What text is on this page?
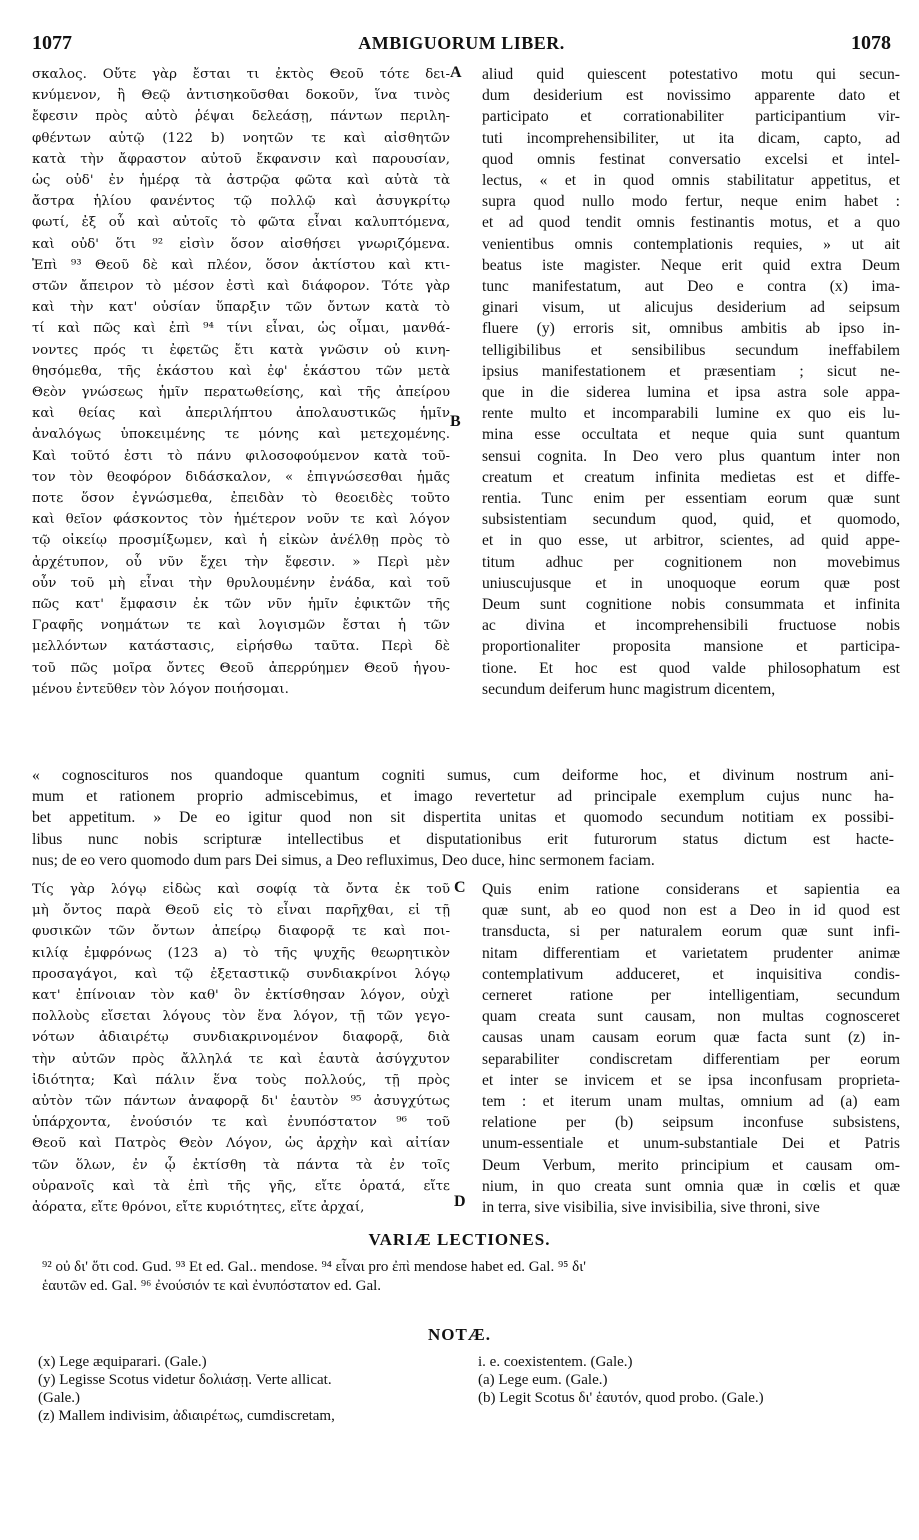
1077	AMBIGUORUM LIBER.	1078

σκαλος. Οὔτε γὰρ ἔσται τι ἐκτὸς Θεοῦ τότε δει-

κνύμενον, ἢ Θεῷ ἀντισηκοῦσθαι δοκοῦν, ἵνα τινὸς

ἔφεσιν πρὸς αὐτὸ ῥέψαι δελεάσῃ, πάντων περιλη-

φθέντων αὐτῷ (122 b) νοητῶν τε καὶ αἰσθητῶν

κατὰ τὴν ἄφραστον αὐτοῦ ἔκφανσιν καὶ παρουσίαν,

ὡς οὐδ' ἐν ἡμέρᾳ τὰ ἀστρῷα φῶτα καὶ αὐτὰ τὰ

ἄστρα ἡλίου φανέντος τῷ πολλῷ καὶ ἀσυγκρίτῳ

φωτί, ἐξ οὗ καὶ αὐτοῖς τὸ φῶτα εἶναι καλυπτόμενα,

καὶ οὐδ' ὅτι ⁹² εἰσὶν ὅσον αἰσθήσει γνωριζόμενα.

Ἐπὶ ⁹³ Θεοῦ δὲ καὶ πλέον, ὅσον ἀκτίστου καὶ κτι-

στῶν ἄπειρον τὸ μέσον ἐστὶ καὶ διάφορον. Τότε γὰρ

καὶ τὴν κατ' οὐσίαν ὕπαρξιν τῶν ὄντων κατὰ τὸ

τί καὶ πῶς καὶ ἐπὶ ⁹⁴ τίνι εἶναι, ὡς οἶμαι, μανθά-

νοντες πρός τι ἐφετῶς ἔτι κατὰ γνῶσιν οὐ κινη-

θησόμεθα, τῆς ἑκάστου καὶ ἐφ' ἑκάστου τῶν μετὰ

Θεὸν γνώσεως ἡμῖν περατωθείσης, καὶ τῆς ἀπείρου

καὶ θείας καὶ ἀπεριλήπτου ἀπολαυστικῶς ἡμῖν

ἀναλόγως ὑποκειμένης τε μόνης καὶ μετεχομένης.

Καὶ τοῦτό ἐστι τὸ πάνυ φιλοσοφούμενον κατὰ τοῦ-

τον τὸν θεοφόρον διδάσκαλον, « ἐπιγνώσεσθαι ἡμᾶς

ποτε ὅσον ἐγνώσμεθα, ἐπειδὰν τὸ θεοειδὲς τοῦτο

καὶ θεῖον φάσκοντος τὸν ἡμέτερον νοῦν τε καὶ λόγον

τῷ οἰκείῳ προσμίξωμεν, καὶ ἡ εἰκὼν ἀνέλθῃ πρὸς τὸ

ἀρχέτυπον, οὗ νῦν ἔχει τὴν ἔφεσιν. » Περὶ μὲν

οὖν τοῦ μὴ εἶναι τὴν θρυλουμένην ἐνάδα, καὶ τοῦ

πῶς κατ' ἔμφασιν ἐκ τῶν νῦν ἡμῖν ἐφικτῶν τῆς

Γραφῆς νοημάτων τε καὶ λογισμῶν ἔσται ἡ τῶν

μελλόντων κατάστασις, εἰρήσθω ταῦτα. Περὶ δὲ

τοῦ πῶς μοῖρα ὄντες Θεοῦ ἀπερρύημεν Θεοῦ ἡγου-

μένου ἐντεῦθεν τὸν λόγον ποιήσομαι.

aliud quid quiescent potestativo motu qui secun-

dum desiderium est novissimo apparente dato et

participato et corrationabiliter participantium vir-

tuti incomprehensibiliter, ut ita dicam, capto, ad

quod omnis festinat conversatio excelsi et intel-

lectus, « et in quod omnis stabilitatur appetitus, et

supra quod nullo modo fertur, neque enim habet :

et ad quod tendit omnis festinantis motus, et a quo

venientibus omnis contemplationis requies, » ut ait

beatus iste magister. Neque erit quid extra Deum

tunc manifestatum, aut Deo e contra (x) ima-

ginari visum, ut alicujus desiderium ad seipsum

fluere (y) erroris sit, omnibus ambitis ab ipso in-

telligibilibus et sensibilibus secundum ineffabilem

ipsius manifestationem et præsentiam ; sicut ne-

que in die siderea lumina et ipsa astra sole appa-

rente multo et incomparabili lumine ex quo eis lu-

mina esse occultata et neque quia sunt quantum

sensui cognita. In Deo vero plus quantum inter non

creatum et creatum infinita medietas est et diffe-

rentia. Tunc enim per essentiam eorum quæ sunt

subsistentiam secundum quod, quid, et quomodo,

et in quo esse, ut arbitror, scientes, ad quid appe-

titum adhuc per cognitionem non movebimus

uniuscujusque et in unoquoque eorum quæ post

Deum sunt cognitione nobis consummata et infinita

ac divina et incomprehensibili fructuose nobis

proportionaliter proposita mansione et participa-

tione. Et hoc est quod valde philosophatum est

secundum deiferum hunc magistrum dicentem,

A
B
C
D

« cognoscituros nos quandoque quantum cogniti sumus, cum deiforme hoc, et divinum nostrum ani-

mum et rationem proprio admiscebimus, et imago revertetur ad principale exemplum cujus nunc ha-

bet appetitum. » De eo igitur quod non sit dispertita unitas et quomodo secundum notitiam ex possibi-

libus nunc nobis scripturæ intellectibus et disputationibus erit futurorum status dictum est hacte-

nus; de eo vero quomodo dum pars Dei simus, a Deo refluximus, Deo duce, hinc sermonem faciam.

Τίς γὰρ λόγῳ εἰδὼς καὶ σοφίᾳ τὰ ὄντα ἐκ τοῦ

μὴ ὄντος παρὰ Θεοῦ εἰς τὸ εἶναι παρῆχθαι, εἰ τῇ

φυσικῶν τῶν ὄντων ἀπείρῳ διαφορᾷ τε καὶ ποι-

κιλίᾳ ἐμφρόνως (123 a) τὸ τῆς ψυχῆς θεωρητικὸν

προσαγάγοι, καὶ τῷ ἐξεταστικῷ συνδιακρίνοι λόγῳ

κατ' ἐπίνοιαν τὸν καθ' ὃν ἐκτίσθησαν λόγον, οὐχὶ

πολλοὺς εἴσεται λόγους τὸν ἕνα λόγον, τῇ τῶν γεγο-

νότων ἀδιαιρέτῳ συνδιακρινομένον διαφορᾷ, διὰ

τὴν αὐτῶν πρὸς ἄλληλά τε καὶ ἑαυτὰ ἀσύγχυτον

ἰδιότητα; Καὶ πάλιν ἕνα τοὺς πολλούς, τῇ πρὸς

αὐτὸν τῶν πάντων ἀναφορᾷ δι' ἑαυτὸν ⁹⁵ ἀσυγχύτως

ὑπάρχοντα, ἐνούσιόν τε καὶ ἐνυπόστατον ⁹⁶ τοῦ

Θεοῦ καὶ Πατρὸς Θεὸν Λόγον, ὡς ἀρχὴν καὶ αἰτίαν

τῶν ὅλων, ἐν ᾧ ἐκτίσθη τὰ πάντα τὰ ἐν τοῖς

οὐρανοῖς καὶ τὰ ἐπὶ τῆς γῆς, εἴτε ὁρατά, εἴτε

ἀόρατα, εἴτε θρόνοι, εἴτε κυριότητες, εἴτε ἀρχαί,

Quis enim ratione considerans et sapientia ea

quæ sunt, ab eo quod non est a Deo in id quod est

transducta, si per naturalem eorum quæ sunt infi-

nitam differentiam et varietatem prudenter animæ

contemplativum adduceret, et inquisitiva condis-

cerneret ratione per intelligentiam, secundum

quam creata sunt causam, non multas cognosceret

causas unam causam eorum quæ facta sunt (z) in-

separabiliter condiscretam differentiam per eorum

et inter se invicem et se ipsa inconfusam proprieta-

tem : et iterum unam multas, omnium ad (a) eam

relatione per (b) seipsum inconfuse subsistens,

unum-essentiale et unum-substantiale Dei et Patris

Deum Verbum, merito principium et causam om-

nium, in quo creata sunt omnia quæ in cœlis et quæ

in terra, sive visibilia, sive invisibilia, sive throni, sive

VARIÆ LECTIONES.

⁹² οὐ δι' ὅτι cod. Gud. ⁹³ Et ed. Gal.. mendose. ⁹⁴ εἶναι pro ἐπὶ mendose habet ed. Gal. ⁹⁵ δι'

ἑαυτῶν ed. Gal. ⁹⁶ ἐνούσιόν τε καὶ ἐνυπόστατον ed. Gal.

NOTÆ.

(x) Lege æquiparari. (Gale.)

(y) Legisse Scotus videtur δολιάσῃ. Verte allicat.

(Gale.)

(z) Mallem indivisim, ἀδιαιρέτως, cumdiscretam,

i. e. coexistentem. (Gale.)

(a) Lege eum. (Gale.)

(b) Legit Scotus δι' ἑαυτόν, quod probo. (Gale.)
